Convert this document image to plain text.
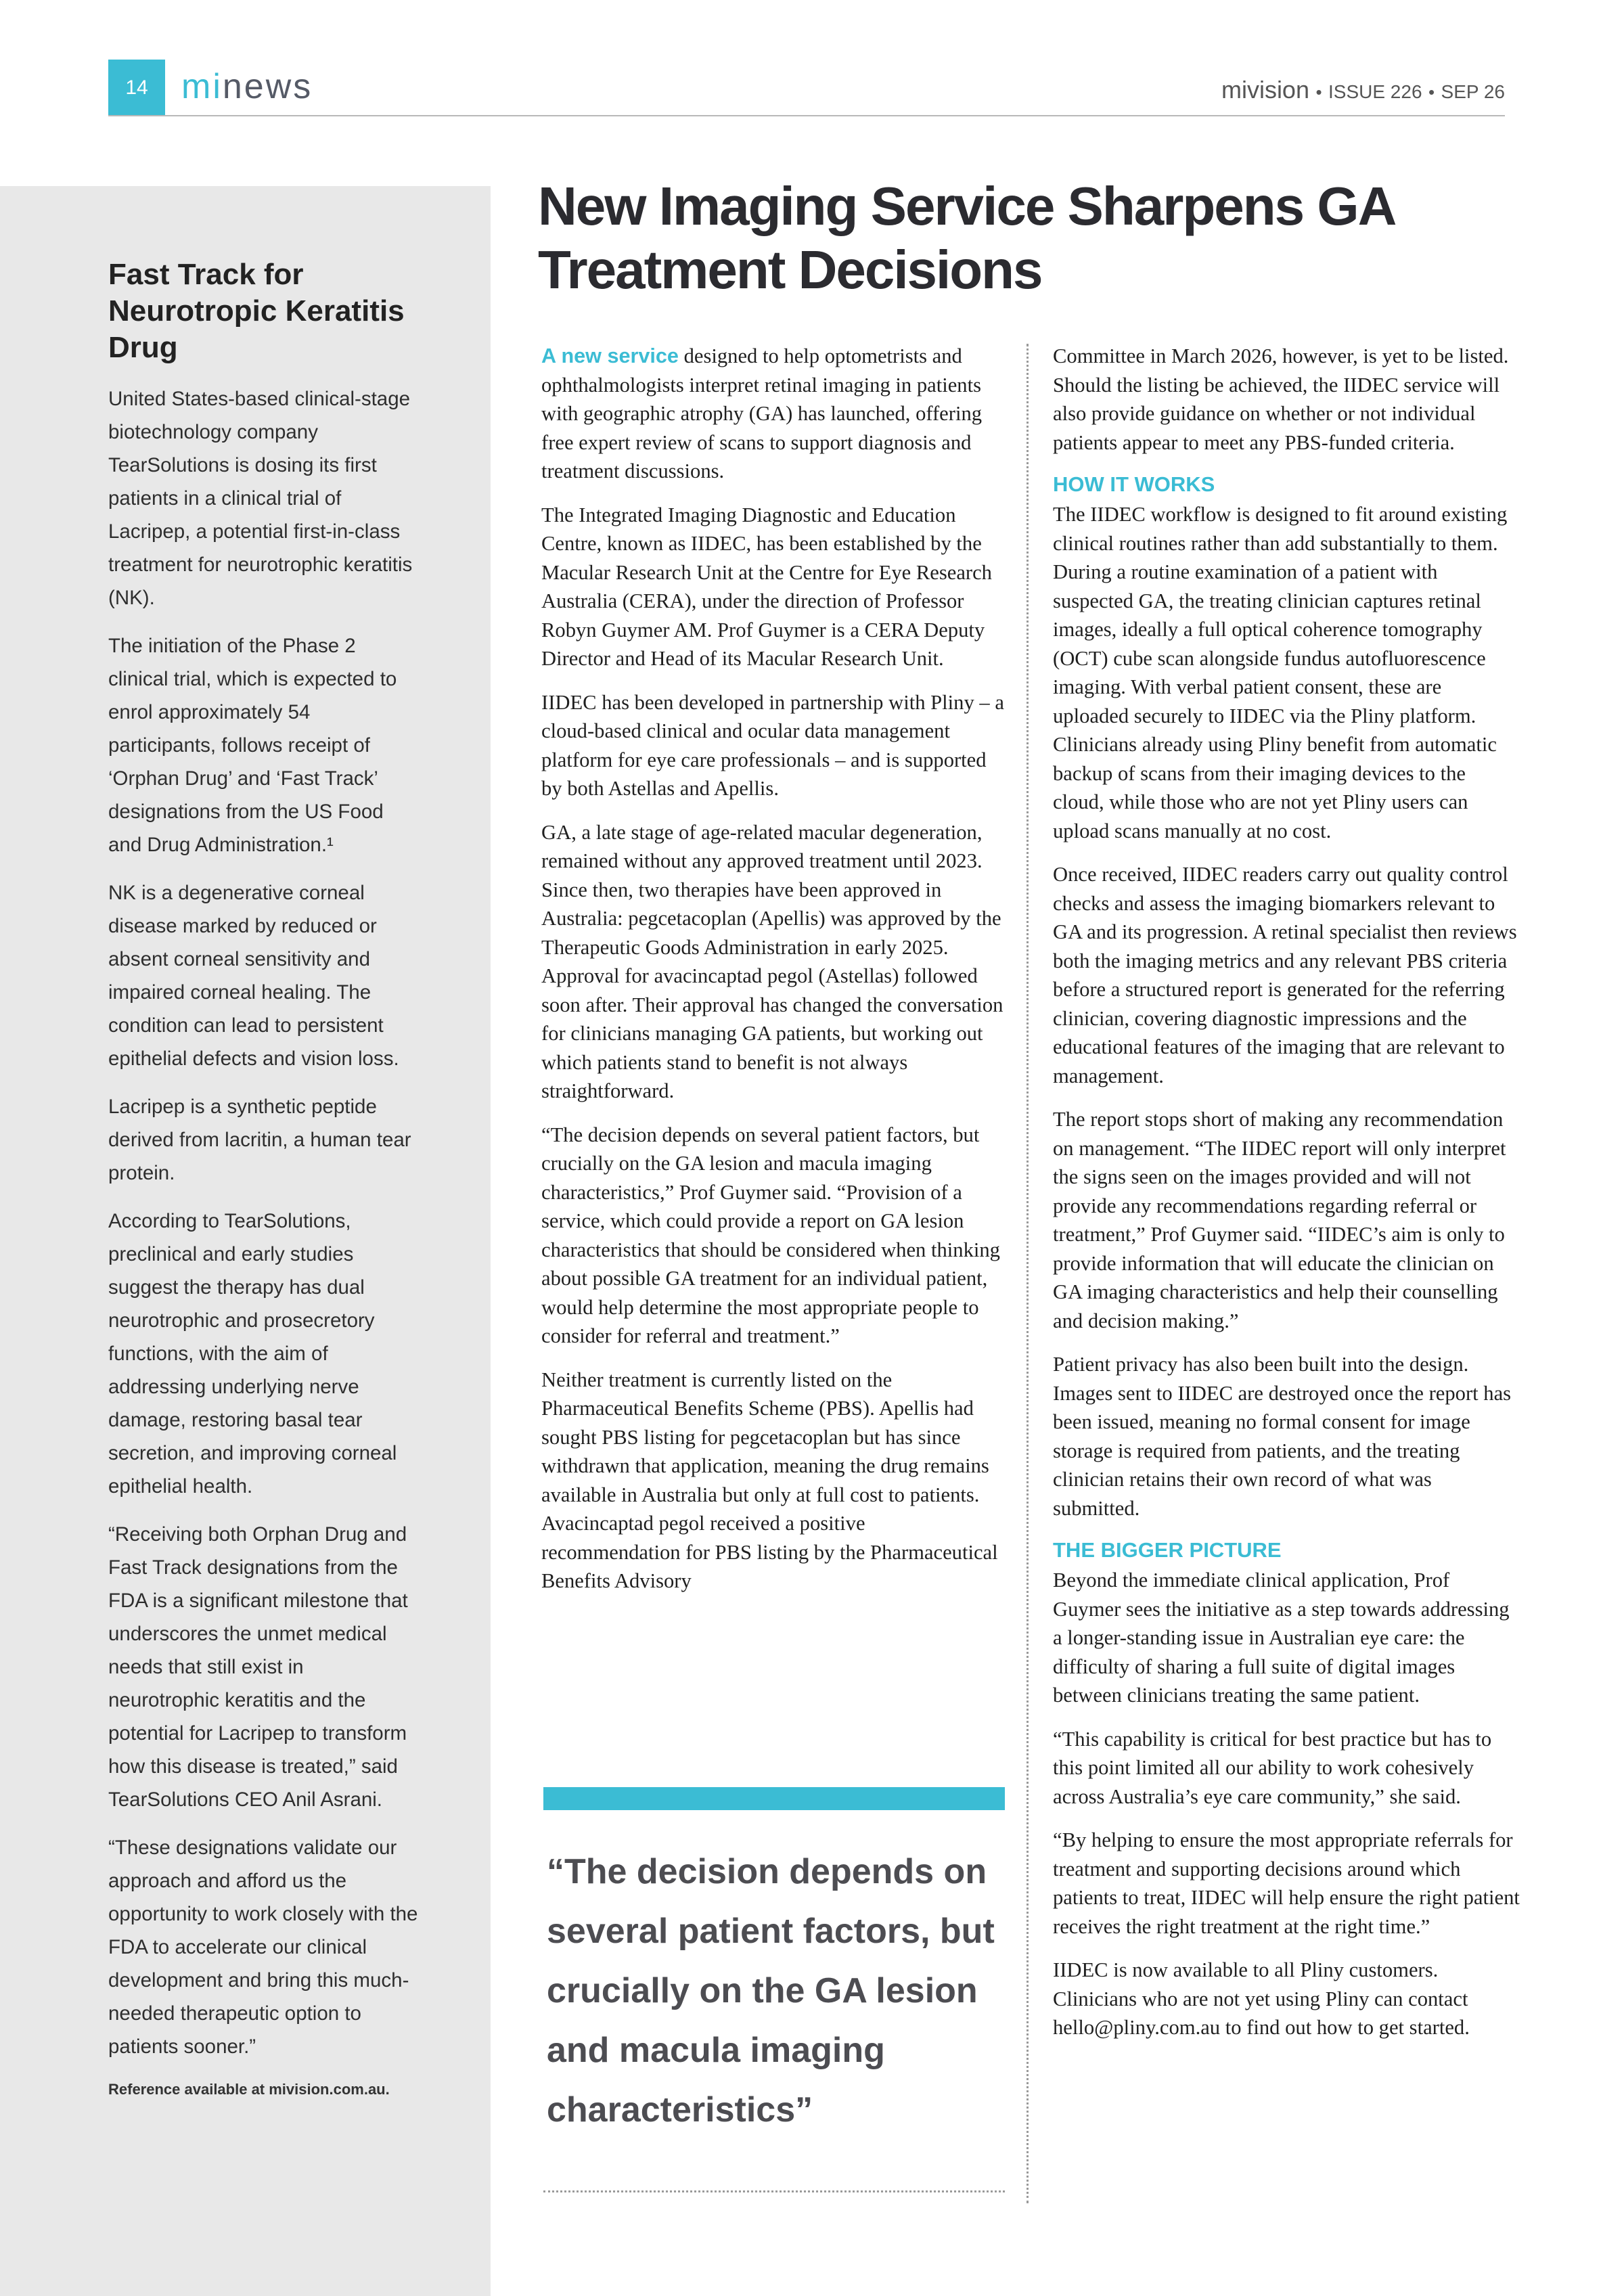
14 minews	mivision • ISSUE 226 • SEP 26
Fast Track for Neurotropic Keratitis Drug

United States-based clinical-stage biotechnology company TearSolutions is dosing its first patients in a clinical trial of Lacripep, a potential first-in-class treatment for neurotrophic keratitis (NK).

The initiation of the Phase 2 clinical trial, which is expected to enrol approximately 54 participants, follows receipt of ‘Orphan Drug’ and ‘Fast Track’ designations from the US Food and Drug Administration.¹

NK is a degenerative corneal disease marked by reduced or absent corneal sensitivity and impaired corneal healing. The condition can lead to persistent epithelial defects and vision loss.

Lacripep is a synthetic peptide derived from lacritin, a human tear protein.

According to TearSolutions, preclinical and early studies suggest the therapy has dual neurotrophic and prosecretory functions, with the aim of addressing underlying nerve damage, restoring basal tear secretion, and improving corneal epithelial health.

“Receiving both Orphan Drug and Fast Track designations from the FDA is a significant milestone that underscores the unmet medical needs that still exist in neurotrophic keratitis and the potential for Lacripep to transform how this disease is treated,” said TearSolutions CEO Anil Asrani.

“These designations validate our approach and afford us the opportunity to work closely with the FDA to accelerate our clinical development and bring this much-needed therapeutic option to patients sooner.”

Reference available at mivision.com.au.
New Imaging Service Sharpens GA Treatment Decisions

A new service designed to help optometrists and ophthalmologists interpret retinal imaging in patients with geographic atrophy (GA) has launched, offering free expert review of scans to support diagnosis and treatment discussions.

The Integrated Imaging Diagnostic and Education Centre, known as IIDEC, has been established by the Macular Research Unit at the Centre for Eye Research Australia (CERA), under the direction of Professor Robyn Guymer AM. Prof Guymer is a CERA Deputy Director and Head of its Macular Research Unit.

IIDEC has been developed in partnership with Pliny – a cloud-based clinical and ocular data management platform for eye care professionals – and is supported by both Astellas and Apellis.

GA, a late stage of age-related macular degeneration, remained without any approved treatment until 2023. Since then, two therapies have been approved in Australia: pegcetacoplan (Apellis) was approved by the Therapeutic Goods Administration in early 2025. Approval for avacincaptad pegol (Astellas) followed soon after. Their approval has changed the conversation for clinicians managing GA patients, but working out which patients stand to benefit is not always straightforward.

“The decision depends on several patient factors, but crucially on the GA lesion and macula imaging characteristics,” Prof Guymer said. “Provision of a service, which could provide a report on GA lesion characteristics that should be considered when thinking about possible GA treatment for an individual patient, would help determine the most appropriate people to consider for referral and treatment.”

Neither treatment is currently listed on the Pharmaceutical Benefits Scheme (PBS). Apellis had sought PBS listing for pegcetacoplan but has since withdrawn that application, meaning the drug remains available in Australia but only at full cost to patients. Avacincaptad pegol received a positive recommendation for PBS listing by the Pharmaceutical Benefits Advisory

Committee in March 2026, however, is yet to be listed. Should the listing be achieved, the IIDEC service will also provide guidance on whether or not individual patients appear to meet any PBS-funded criteria.

HOW IT WORKS

The IIDEC workflow is designed to fit around existing clinical routines rather than add substantially to them. During a routine examination of a patient with suspected GA, the treating clinician captures retinal images, ideally a full optical coherence tomography (OCT) cube scan alongside fundus autofluorescence imaging. With verbal patient consent, these are uploaded securely to IIDEC via the Pliny platform. Clinicians already using Pliny benefit from automatic backup of scans from their imaging devices to the cloud, while those who are not yet Pliny users can upload scans manually at no cost.

Once received, IIDEC readers carry out quality control checks and assess the imaging biomarkers relevant to GA and its progression. A retinal specialist then reviews both the imaging metrics and any relevant PBS criteria before a structured report is generated for the referring clinician, covering diagnostic impressions and the educational features of the imaging that are relevant to management.

The report stops short of making any recommendation on management. “The IIDEC report will only interpret the signs seen on the images provided and will not provide any recommendations regarding referral or treatment,” Prof Guymer said. “IIDEC’s aim is only to provide information that will educate the clinician on GA imaging characteristics and help their counselling and decision making.”

Patient privacy has also been built into the design. Images sent to IIDEC are destroyed once the report has been issued, meaning no formal consent for image storage is required from patients, and the treating clinician retains their own record of what was submitted.

THE BIGGER PICTURE

Beyond the immediate clinical application, Prof Guymer sees the initiative as a step towards addressing a longer-standing issue in Australian eye care: the difficulty of sharing a full suite of digital images between clinicians treating the same patient.

“This capability is critical for best practice but has to this point limited all our ability to work cohesively across Australia’s eye care community,” she said.

“By helping to ensure the most appropriate referrals for treatment and supporting decisions around which patients to treat, IIDEC will help ensure the right patient receives the right treatment at the right time.”

IIDEC is now available to all Pliny customers. Clinicians who are not yet using Pliny can contact hello@pliny.com.au to find out how to get started.

“The decision depends on several patient factors, but crucially on the GA lesion and macula imaging characteristics”
